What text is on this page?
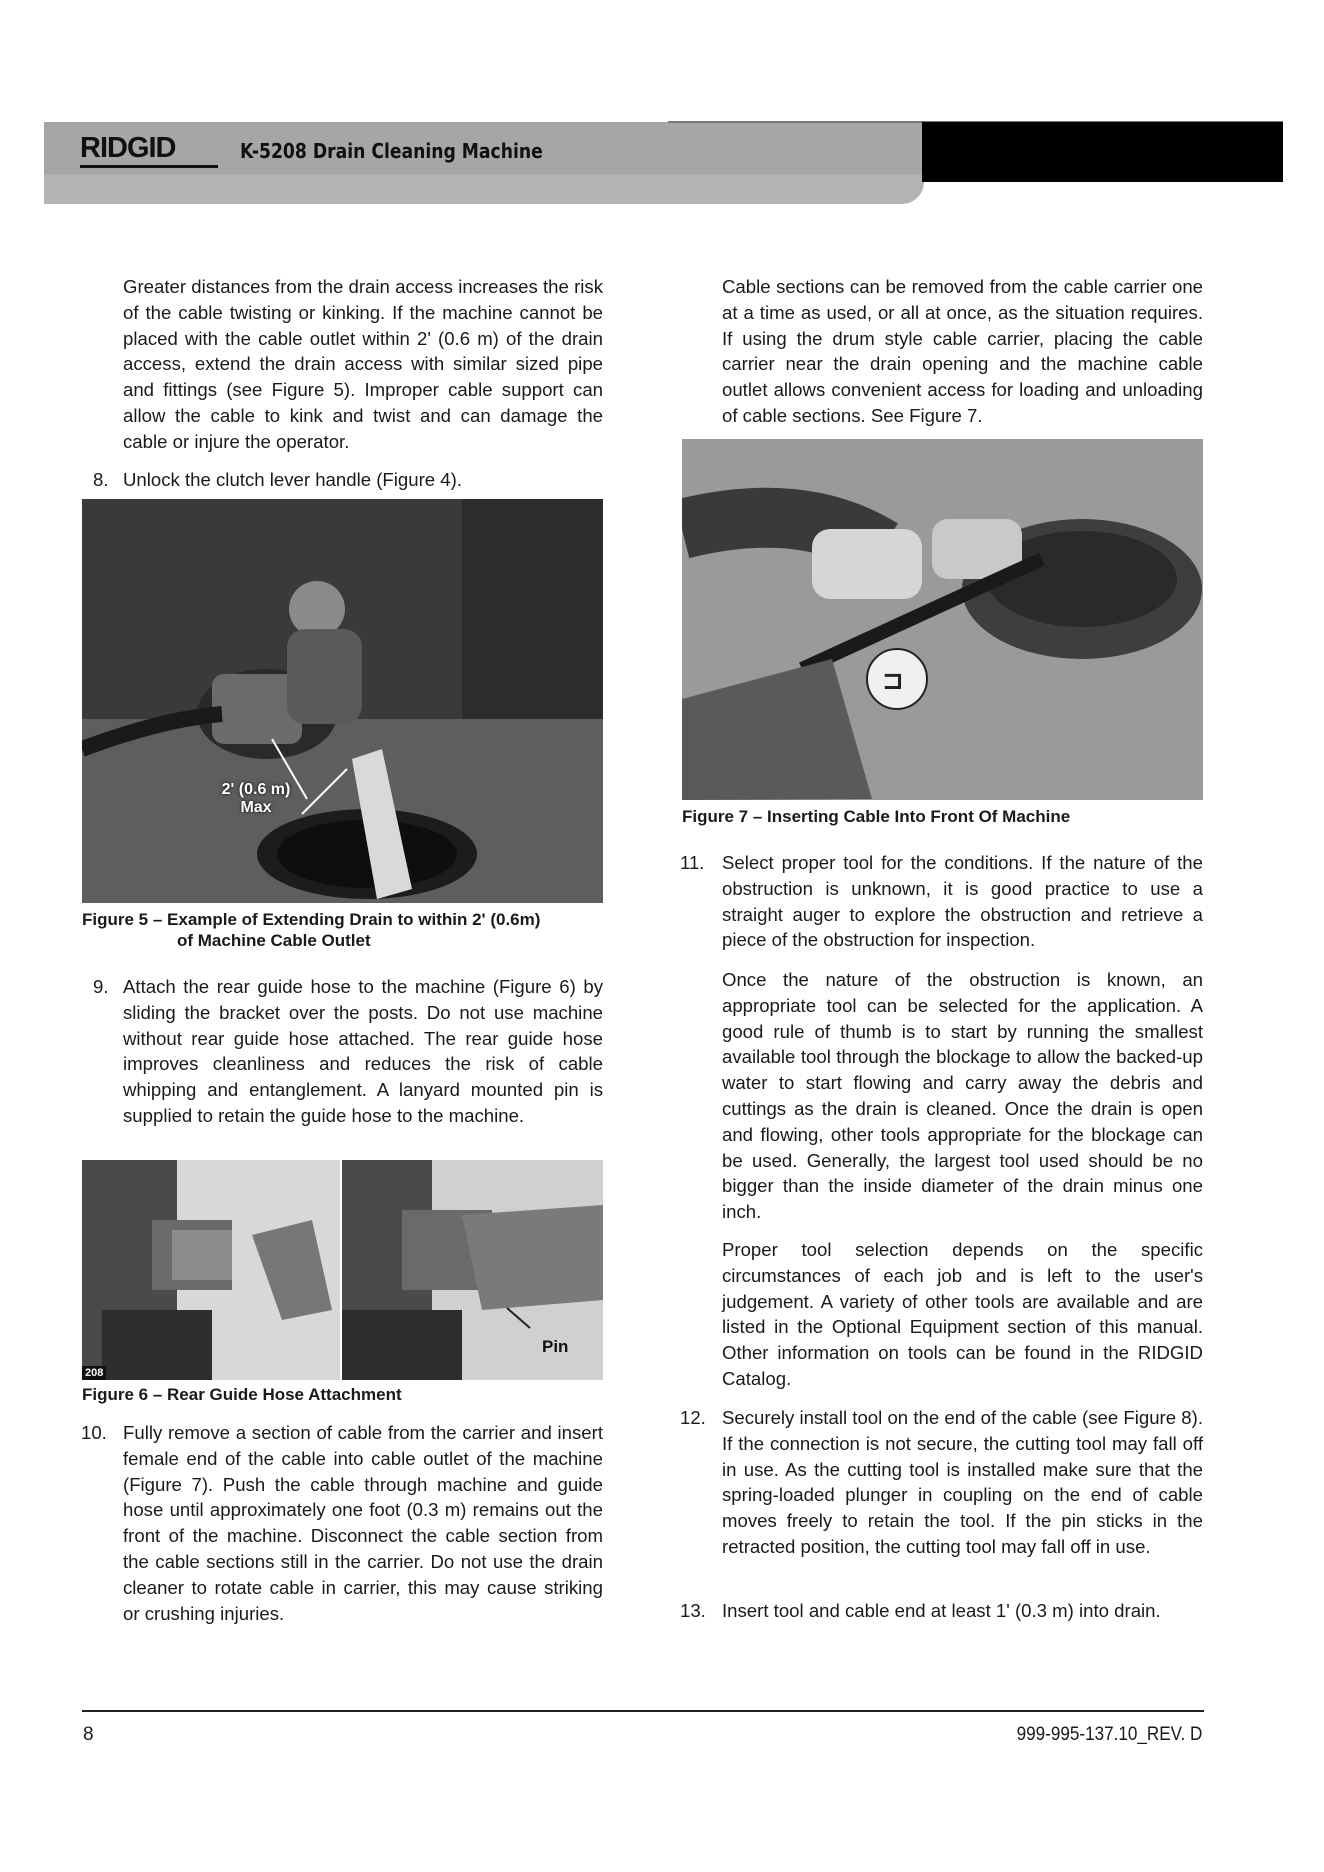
RIDGID	K-5208 Drain Cleaning Machine

Greater distances from the drain access increases the risk of the cable twisting or kinking. If the machine cannot be placed with the cable outlet within 2' (0.6 m) of the drain access, extend the drain access with similar sized pipe and fittings (see Figure 5). Improper cable support can allow the cable to kink and twist and can damage the cable or injure the operator.

8. Unlock the clutch lever handle (Figure 4).

2' (0.6 m)
Max

Figure 5 – Example of Extending Drain to within 2' (0.6m)

of Machine Cable Outlet

9. Attach the rear guide hose to the machine (Figure 6) by sliding the bracket over the posts. Do not use machine without rear guide hose attached. The rear guide hose improves cleanliness and reduces the risk of cable whipping and entanglement. A lanyard mounted pin is supplied to retain the guide hose to the machine.

208
Pin

Figure 6 – Rear Guide Hose Attachment

10. Fully remove a section of cable from the carrier and insert female end of the cable into cable outlet of the machine (Figure 7). Push the cable through machine and guide hose until approximately one foot (0.3 m) remains out the front of the machine. Disconnect the cable section from the cable sections still in the carrier. Do not use the drain cleaner to rotate cable in carrier, this may cause striking or crushing injuries.

Cable sections can be removed from the cable carrier one at a time as used, or all at once, as the situation requires. If using the drum style cable carrier, placing the cable carrier near the drain opening and the machine cable outlet allows convenient access for loading and unloading of cable sections. See Figure 7.

⊐

Figure 7 – Inserting Cable Into Front Of Machine

11. Select proper tool for the conditions. If the nature of the obstruction is unknown, it is good practice to use a straight auger to explore the obstruction and retrieve a piece of the obstruction for inspection.

Once the nature of the obstruction is known, an appropriate tool can be selected for the application. A good rule of thumb is to start by running the smallest available tool through the blockage to allow the backed-up water to start flowing and carry away the debris and cuttings as the drain is cleaned. Once the drain is open and flowing, other tools appropriate for the blockage can be used. Generally, the largest tool used should be no bigger than the inside diameter of the drain minus one inch.

Proper tool selection depends on the specific circumstances of each job and is left to the user's judgement. A variety of other tools are available and are listed in the Optional Equipment section of this manual. Other information on tools can be found in the RIDGID Catalog.

12. Securely install tool on the end of the cable (see Figure 8). If the connection is not secure, the cutting tool may fall off in use. As the cutting tool is installed make sure that the spring-loaded plunger in coupling on the end of cable moves freely to retain the tool. If the pin sticks in the retracted position, the cutting tool may fall off in use.

13. Insert tool and cable end at least 1' (0.3 m) into drain.

8	999-995-137.10_REV. D
